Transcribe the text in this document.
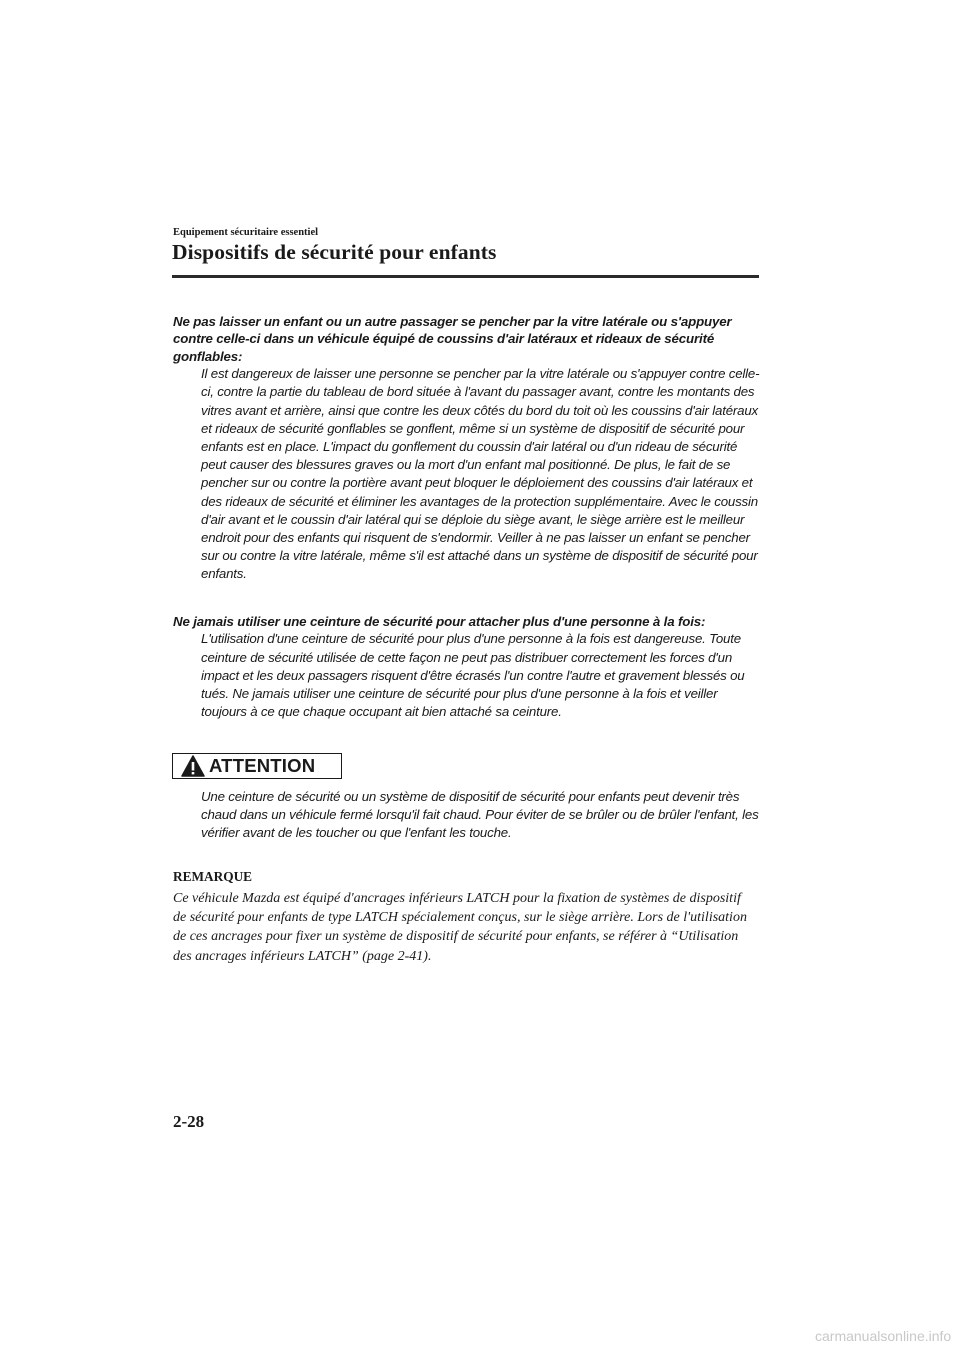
Equipement sécuritaire essentiel

Dispositifs de sécurité pour enfants

Ne pas laisser un enfant ou un autre passager se pencher par la vitre latérale ou s'appuyer contre celle-ci dans un véhicule équipé de coussins d'air latéraux et rideaux de sécurité gonflables:

Il est dangereux de laisser une personne se pencher par la vitre latérale ou s'appuyer contre celle-ci, contre la partie du tableau de bord située à l'avant du passager avant, contre les montants des vitres avant et arrière, ainsi que contre les deux côtés du bord du toit où les coussins d'air latéraux et rideaux de sécurité gonflables se gonflent, même si un système de dispositif de sécurité pour enfants est en place. L'impact du gonflement du coussin d'air latéral ou d'un rideau de sécurité peut causer des blessures graves ou la mort d'un enfant mal positionné. De plus, le fait de se pencher sur ou contre la portière avant peut bloquer le déploiement des coussins d'air latéraux et des rideaux de sécurité et éliminer les avantages de la protection supplémentaire. Avec le coussin d'air avant et le coussin d'air latéral qui se déploie du siège avant, le siège arrière est le meilleur endroit pour des enfants qui risquent de s'endormir. Veiller à ne pas laisser un enfant se pencher sur ou contre la vitre latérale, même s'il est attaché dans un système de dispositif de sécurité pour enfants.

Ne jamais utiliser une ceinture de sécurité pour attacher plus d'une personne à la fois:

L'utilisation d'une ceinture de sécurité pour plus d'une personne à la fois est dangereuse. Toute ceinture de sécurité utilisée de cette façon ne peut pas distribuer correctement les forces d'un impact et les deux passagers risquent d'être écrasés l'un contre l'autre et gravement blessés ou tués. Ne jamais utiliser une ceinture de sécurité pour plus d'une personne à la fois et veiller toujours à ce que chaque occupant ait bien attaché sa ceinture.

ATTENTION

Une ceinture de sécurité ou un système de dispositif de sécurité pour enfants peut devenir très chaud dans un véhicule fermé lorsqu'il fait chaud. Pour éviter de se brûler ou de brûler l'enfant, les vérifier avant de les toucher ou que l'enfant les touche.

REMARQUE

Ce véhicule Mazda est équipé d'ancrages inférieurs LATCH pour la fixation de systèmes de dispositif de sécurité pour enfants de type LATCH spécialement conçus, sur le siège arrière. Lors de l'utilisation de ces ancrages pour fixer un système de dispositif de sécurité pour enfants, se référer à “Utilisation des ancrages inférieurs LATCH” (page 2-41).

2-28

carmanualsonline.info
